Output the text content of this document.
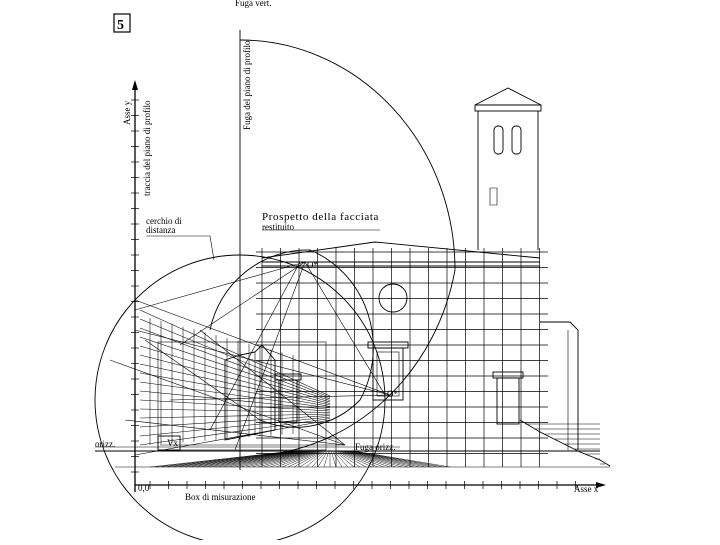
5
Fuga vert.
Fuga del piano di profilo
Asse y traccia del piano di profilo
cerchio di
distanza
Prospetto della facciata
restituito
O*
O*
orizz.	Vx	Fuga orizz.
0,0
Box di misurazione
Asse x
